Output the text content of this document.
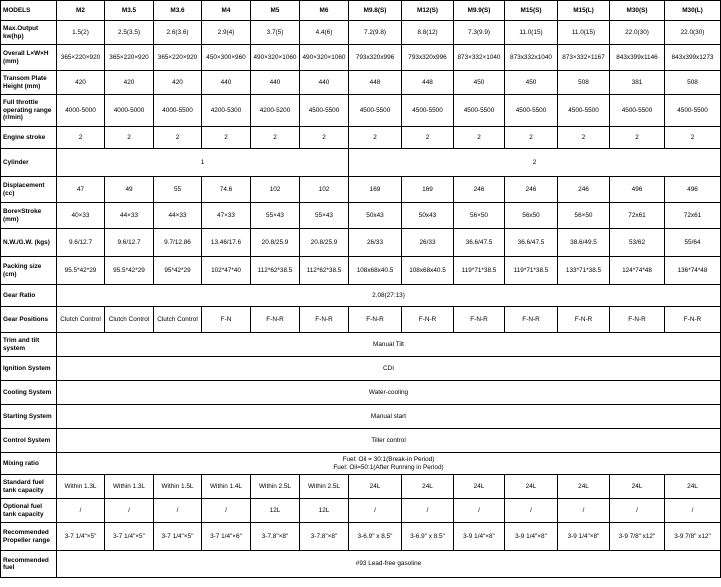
MODELS	M2	M3.5	M3.6	M4	M5	M6	M9.8(S)	M12(S)	M9.9(S)	M15(S)	M15(L)	M30(S)	M30(L)
Max.Output kw(hp)	1.5(2)	2.5(3.5)	2.6(3.6)	2.9(4)	3.7(5)	4.4(6)	7.2(9.8)	8.8(12)	7.3(9.9)	11.0(15)	11.0(15)	22.0(30)	22.0(30)
Overall L×W×H (mm)	365×220×920	365×220×920	365×220×920	450×300×960	490×320×1060	490×320×1060	793x320x996	793x320x996	873×332×1040	873x332x1040	873×332×1167	843x399x1146	843x399x1273
Transom Plate Height (mm)	420	420	420	440	440	440	448	448	450	450	508	381	508
Full throttle operating range (r/min)	4000-5000	4000-5000	4000-5500	4200-5300	4200-5200	4500-5500	4500-5500	4500-5500	4500-5500	4500-5500	4500-5500	4500-5500	4500-5500
Engine stroke	2	2	2	2	2	2	2	2	2	2	2	2	2
Cylinder	1						2						
Displacement (cc)	47	49	55	74.6	102	102	169	169	246	246	246	496	496
Bore×Stroke (mm)	40×33	44×33	44×33	47×33	55×43	55×43	50x43	50x43	56×50	56x50	56×50	72x61	72x61
N.W./G.W. (kgs)	9.6/12.7	9.6/12.7	9.7/12.86	13.46/17.6	20.8/25.9	20.8/25.9	26/33	26/33	36.6/47.5	36.6/47.5	38.6/49.5	53/62	55/64
Packing size (cm)	95.5*42*29	95.5*42*29	95*42*29	102*47*40	112*62*38.5	112*62*38.5	108x68x40.5	108x68x40.5	119*71*38.5	119*71*38.5	133*71*38.5	124*74*48	136*74*48
Gear Ratio	2.08(27:13)												
Gear Positions	Clutch Control	Clutch Control	Clutch Control	F-N	F-N-R	F-N-R	F-N-R	F-N-R	F-N-R	F-N-R	F-N-R	F-N-R	F-N-R
Trim and tilt system	Manual Tilt												
Ignition System	CDI												
Cooling System	Water-cooling												
Starting System	Manual start												
Control System	Tiller control												
Mixing ratio	Fuel: Oil = 30:1(Break-in Period)
Fuel: Oil=50:1(After Running in Period)												
Standard fuel tank capacity	Within 1.3L	Within 1.3L	Within 1.5L	Within 1.4L	Within 2.5L	Within 2.5L	24L	24L	24L	24L	24L	24L	24L
Optional fuel tank capacity	/	/	/	/	12L	12L	/	/	/	/	/	/	/
Recommended Propeller range	3-7 1/4"×5"	3-7 1/4"×5"	3-7 1/4"×5"	3-7 1/4"×6"	3-7.8"×8"	3-7.8"×8"	3-6.9" x 8.5"	3-6.9" x 8.5"	3-9 1/4"×8"	3-9 1/4"×8"	3-9 1/4"×8"	3-9 7/8" x12"	3-9 7/8" x12"
Recommended fuel	#93 Lead-free gasoline												
